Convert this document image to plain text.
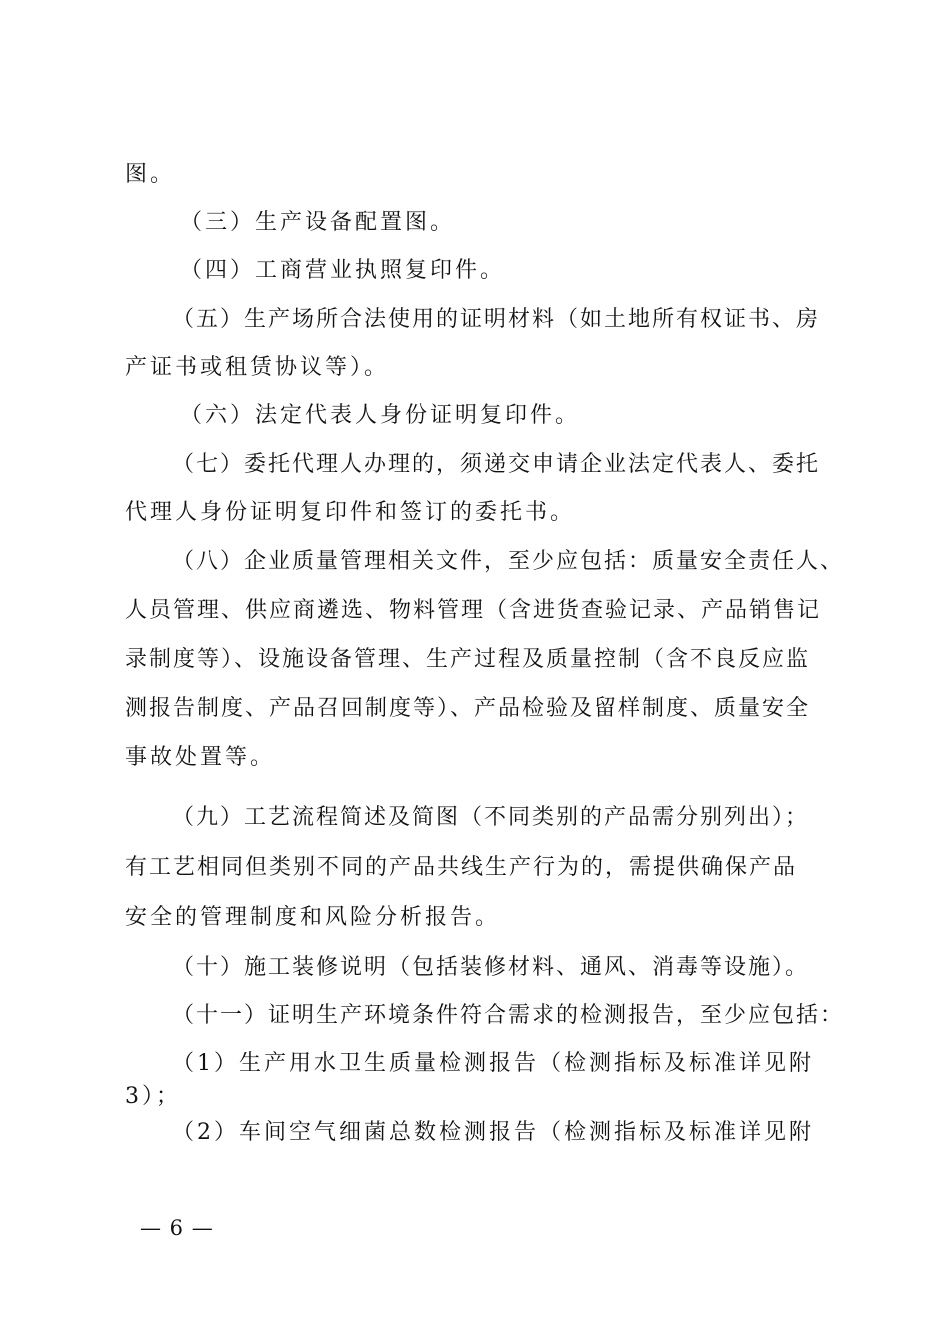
图。
（三）生产设备配置图。
（四）工商营业执照复印件。
（五）生产场所合法使用的证明材料（如土地所有权证书、房
产证书或租赁协议等）。
（六）法定代表人身份证明复印件。
（七）委托代理人办理的，须递交申请企业法定代表人、委托
代理人身份证明复印件和签订的委托书。
（八）企业质量管理相关文件，至少应包括：质量安全责任人、
人员管理、供应商遴选、物料管理（含进货查验记录、产品销售记
录制度等）、设施设备管理、生产过程及质量控制（含不良反应监
测报告制度、产品召回制度等）、产品检验及留样制度、质量安全
事故处置等。
（九）工艺流程简述及简图（不同类别的产品需分别列出）；
有工艺相同但类别不同的产品共线生产行为的，需提供确保产品
安全的管理制度和风险分析报告。
（十）施工装修说明（包括装修材料、通风、消毒等设施）。
（十一）证明生产环境条件符合需求的检测报告，至少应包括：
（1）生产用水卫生质量检测报告（检测指标及标准详见附
3）；
（2）车间空气细菌总数检测报告（检测指标及标准详见附
— 6 —
